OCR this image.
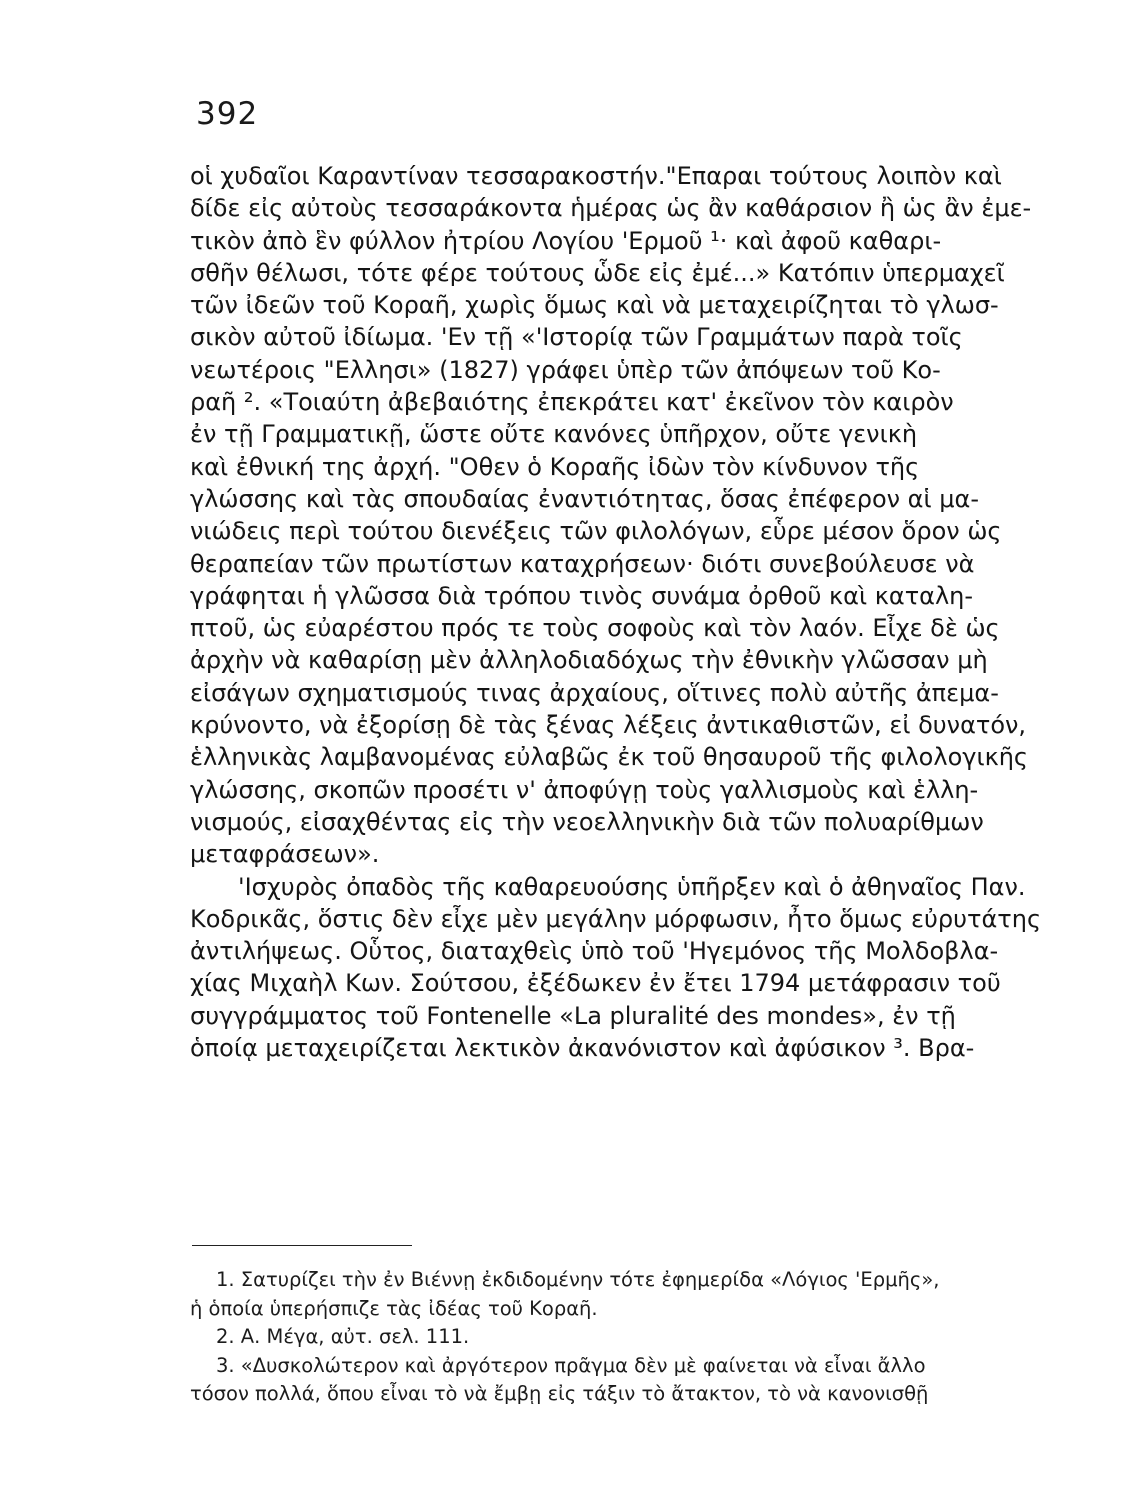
392
οἱ χυδαῖοι Καραντίναν τεσσαρακοστήν."Επαραι τούτους λοιπὸν καὶ
δίδε εἰς αὐτοὺς τεσσαράκοντα ἡμέρας ὡς ἂν καθάρσιον ἢ ὡς ἂν ἐμε-
τικὸν ἀπὸ ἓν φύλλον ἠτρίου Λογίου 'Ερμοῦ ¹· καὶ ἀφοῦ καθαρι-
σθῆν θέλωσι, τότε φέρε τούτους ὧδε εἰς ἐμέ...» Κατόπιν ὑπερμαχεῖ
τῶν ἰδεῶν τοῦ Κοραῆ, χωρὶς ὅμως καὶ νὰ μεταχειρίζηται τὸ γλωσ-
σικὸν αὐτοῦ ἰδίωμα. 'Εν τῇ «'Ιστορίᾳ τῶν Γραμμάτων παρὰ τοῖς
νεωτέροις "Ελλησι» (1827) γράφει ὑπὲρ τῶν ἀπόψεων τοῦ Κο-
ραῆ ². «Τοιαύτη ἀβεβαιότης ἐπεκράτει κατ' ἐκεῖνον τὸν καιρὸν
ἐν τῇ Γραμματικῇ, ὥστε οὔτε κανόνες ὑπῆρχον, οὔτε γενικὴ
καὶ ἐθνική της ἀρχή. "Οθεν ὁ Κοραῆς ἰδὼν τὸν κίνδυνον τῆς
γλώσσης καὶ τὰς σπουδαίας ἐναντιότητας, ὅσας ἐπέφερον αἱ μα-
νιώδεις περὶ τούτου διενέξεις τῶν φιλολόγων, εὗρε μέσον ὅρον ὡς
θεραπείαν τῶν πρωτίστων καταχρήσεων· διότι συνεβούλευσε νὰ
γράφηται ἡ γλῶσσα διὰ τρόπου τινὸς συνάμα ὀρθοῦ καὶ καταλη-
πτοῦ, ὡς εὐαρέστου πρός τε τοὺς σοφοὺς καὶ τὸν λαόν. Εἶχε δὲ ὡς
ἀρχὴν νὰ καθαρίσῃ μὲν ἀλληλοδιαδόχως τὴν ἐθνικὴν γλῶσσαν μὴ
εἰσάγων σχηματισμούς τινας ἀρχαίους, οἵτινες πολὺ αὐτῆς ἀπεμα-
κρύνοντο, νὰ ἐξορίσῃ δὲ τὰς ξένας λέξεις ἀντικαθιστῶν, εἰ δυνατόν,
ἑλληνικὰς λαμβανομένας εὐλαβῶς ἐκ τοῦ θησαυροῦ τῆς φιλολογικῆς
γλώσσης, σκοπῶν προσέτι ν' ἀποφύγῃ τοὺς γαλλισμοὺς καὶ ἑλλη-
νισμούς, εἰσαχθέντας εἰς τὴν νεοελληνικὴν διὰ τῶν πολυαρίθμων
μεταφράσεων».
'Ισχυρὸς ὀπαδὸς τῆς καθαρευούσης ὑπῆρξεν καὶ ὁ ἀθηναῖος Παν.
Κοδρικᾶς, ὅστις δὲν εἶχε μὲν μεγάλην μόρφωσιν, ἦτο ὅμως εὐρυτάτης
ἀντιλήψεως. Οὗτος, διαταχθεὶς ὑπὸ τοῦ 'Ηγεμόνος τῆς Μολδοβλα-
χίας Μιχαὴλ Κων. Σούτσου, ἐξέδωκεν ἐν ἔτει 1794 μετάφρασιν τοῦ
συγγράμματος τοῦ Fontenelle «La pluralité des mondes», ἐν τῇ
ὁποίᾳ μεταχειρίζεται λεκτικὸν ἀκανόνιστον καὶ ἀφύσικον ³. Βρα-
1. Σατυρίζει τὴν ἐν Βιέννῃ ἐκδιδομένην τότε ἐφημερίδα «Λόγιος 'Ερμῆς»,
ἡ ὁποία ὑπερήσπιζε τὰς ἰδέας τοῦ Κοραῆ.
2. Α. Μέγα, αὐτ. σελ. 111.
3. «Δυσκολώτερον καὶ ἀργότερον πρᾶγμα δὲν μὲ φαίνεται νὰ εἶναι ἄλλο
τόσον πολλά, ὅπου εἶναι τὸ νὰ ἔμβῃ εἰς τάξιν τὸ ἄτακτον, τὸ νὰ κανονισθῇ
